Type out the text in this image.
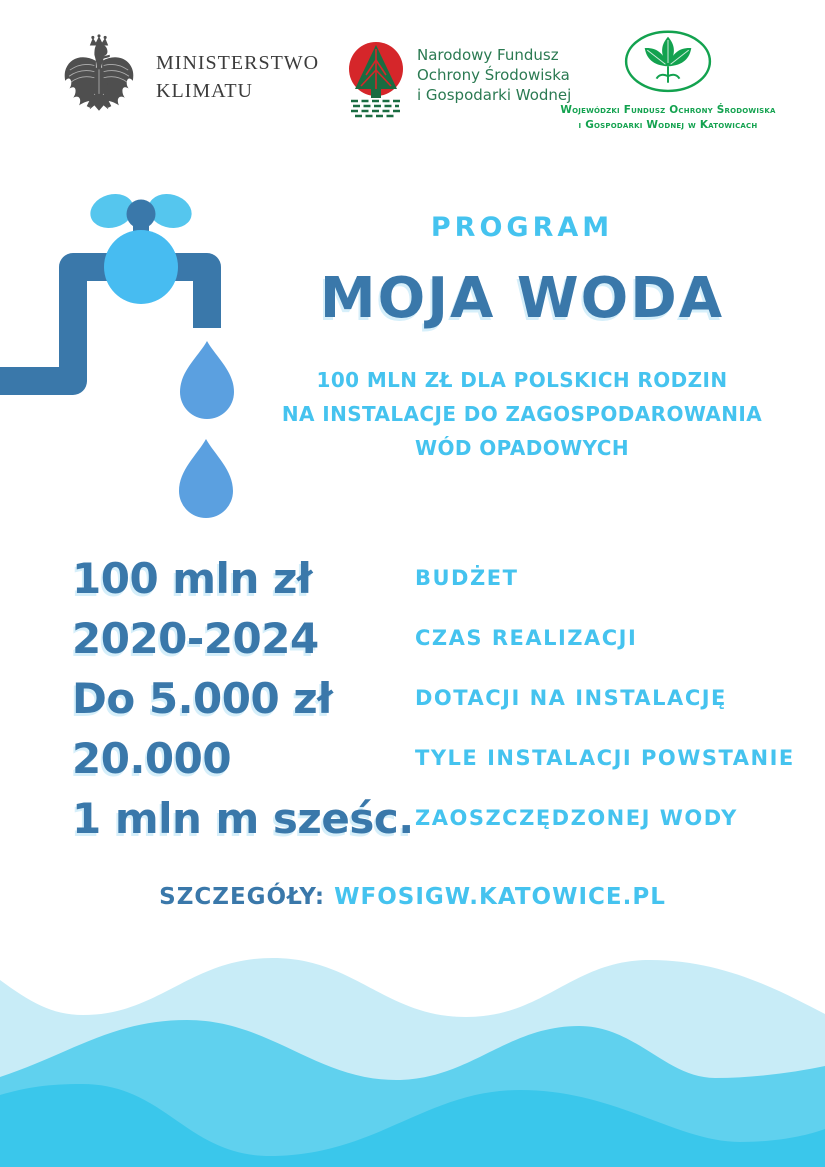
MINISTERSTWO
KLIMATU
Narodowy Fundusz
Ochrony Środowiska
i Gospodarki Wodnej
Wojewódzki Fundusz Ochrony Środowiska
i Gospodarki Wodnej w Katowicach
PROGRAM
MOJA WODA
100 MLN ZŁ DLA POLSKICH RODZIN
NA INSTALACJE DO ZAGOSPODAROWANIA
WÓD OPADOWYCH
100 mln zł	BUDŻET
2020-2024	CZAS REALIZACJI
Do 5.000 zł	DOTACJI NA INSTALACJĘ
20.000	TYLE INSTALACJI POWSTANIE
1 mln m sześc. ZAOSZCZĘDZONEJ WODY
SZCZEGÓŁY: WFOSIGW.KATOWICE.PL
